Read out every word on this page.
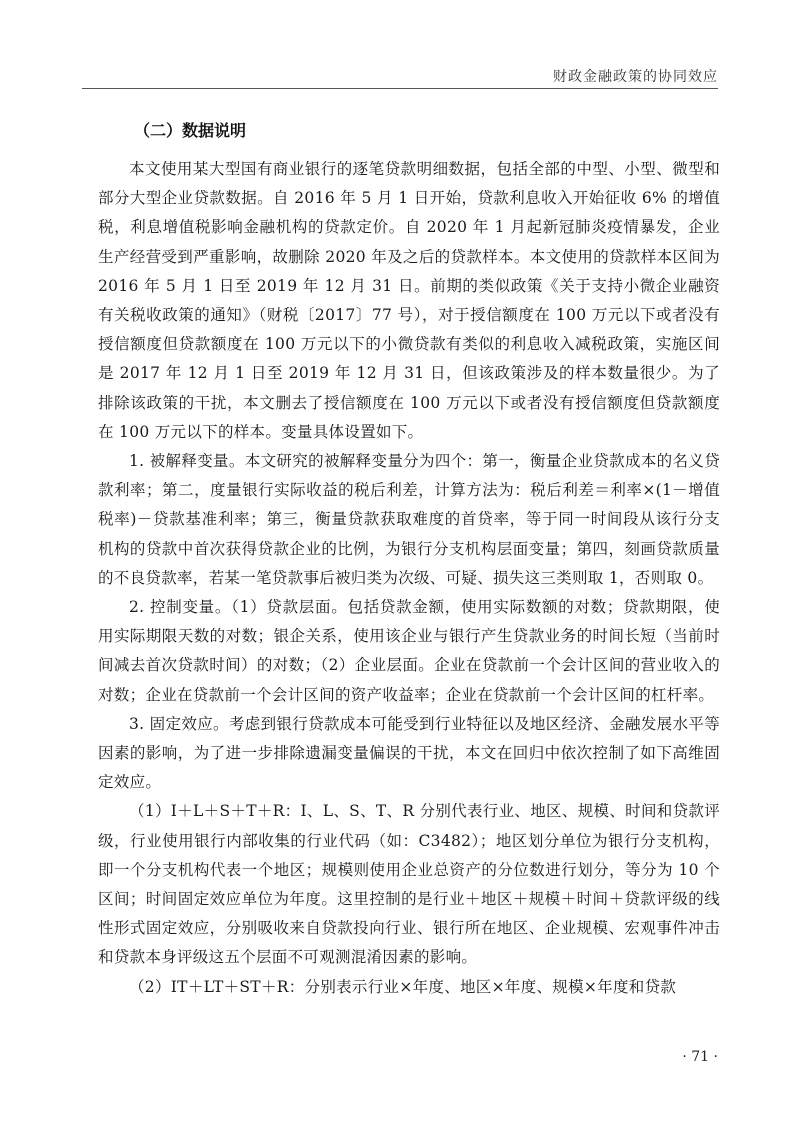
财政金融政策的协同效应
（二）数据说明

本文使用某大型国有商业银行的逐笔贷款明细数据，包括全部的中型、小型、微型和部分大型企业贷款数据。自 2016 年 5 月 1 日开始，贷款利息收入开始征收 6% 的增值税，利息增值税影响金融机构的贷款定价。自 2020 年 1 月起新冠肺炎疫情暴发，企业生产经营受到严重影响，故删除 2020 年及之后的贷款样本。本文使用的贷款样本区间为 2016 年 5 月 1 日至 2019 年 12 月 31 日。前期的类似政策《关于支持小微企业融资有关税收政策的通知》（财税〔2017〕77 号），对于授信额度在 100 万元以下或者没有授信额度但贷款额度在 100 万元以下的小微贷款有类似的利息收入减税政策，实施区间是 2017 年 12 月 1 日至 2019 年 12 月 31 日，但该政策涉及的样本数量很少。为了排除该政策的干扰，本文删去了授信额度在 100 万元以下或者没有授信额度但贷款额度在 100 万元以下的样本。变量具体设置如下。

1. 被解释变量。本文研究的被解释变量分为四个：第一，衡量企业贷款成本的名义贷款利率；第二，度量银行实际收益的税后利差，计算方法为：税后利差＝利率×(1－增值税率)－贷款基准利率；第三，衡量贷款获取难度的首贷率，等于同一时间段从该行分支机构的贷款中首次获得贷款企业的比例，为银行分支机构层面变量；第四，刻画贷款质量的不良贷款率，若某一笔贷款事后被归类为次级、可疑、损失这三类则取 1，否则取 0。

2. 控制变量。（1）贷款层面。包括贷款金额，使用实际数额的对数；贷款期限，使用实际期限天数的对数；银企关系，使用该企业与银行产生贷款业务的时间长短（当前时间减去首次贷款时间）的对数；（2）企业层面。企业在贷款前一个会计区间的营业收入的对数；企业在贷款前一个会计区间的资产收益率；企业在贷款前一个会计区间的杠杆率。

3. 固定效应。考虑到银行贷款成本可能受到行业特征以及地区经济、金融发展水平等因素的影响，为了进一步排除遗漏变量偏误的干扰，本文在回归中依次控制了如下高维固定效应。

（1）I＋L＋S＋T＋R：I、L、S、T、R 分别代表行业、地区、规模、时间和贷款评级，行业使用银行内部收集的行业代码（如：C3482）；地区划分单位为银行分支机构，即一个分支机构代表一个地区；规模则使用企业总资产的分位数进行划分，等分为 10 个区间；时间固定效应单位为年度。这里控制的是行业＋地区＋规模＋时间＋贷款评级的线性形式固定效应，分别吸收来自贷款投向行业、银行所在地区、企业规模、宏观事件冲击和贷款本身评级这五个层面不可观测混淆因素的影响。

（2）IT＋LT＋ST＋R：分别表示行业×年度、地区×年度、规模×年度和贷款

· 71 ·
